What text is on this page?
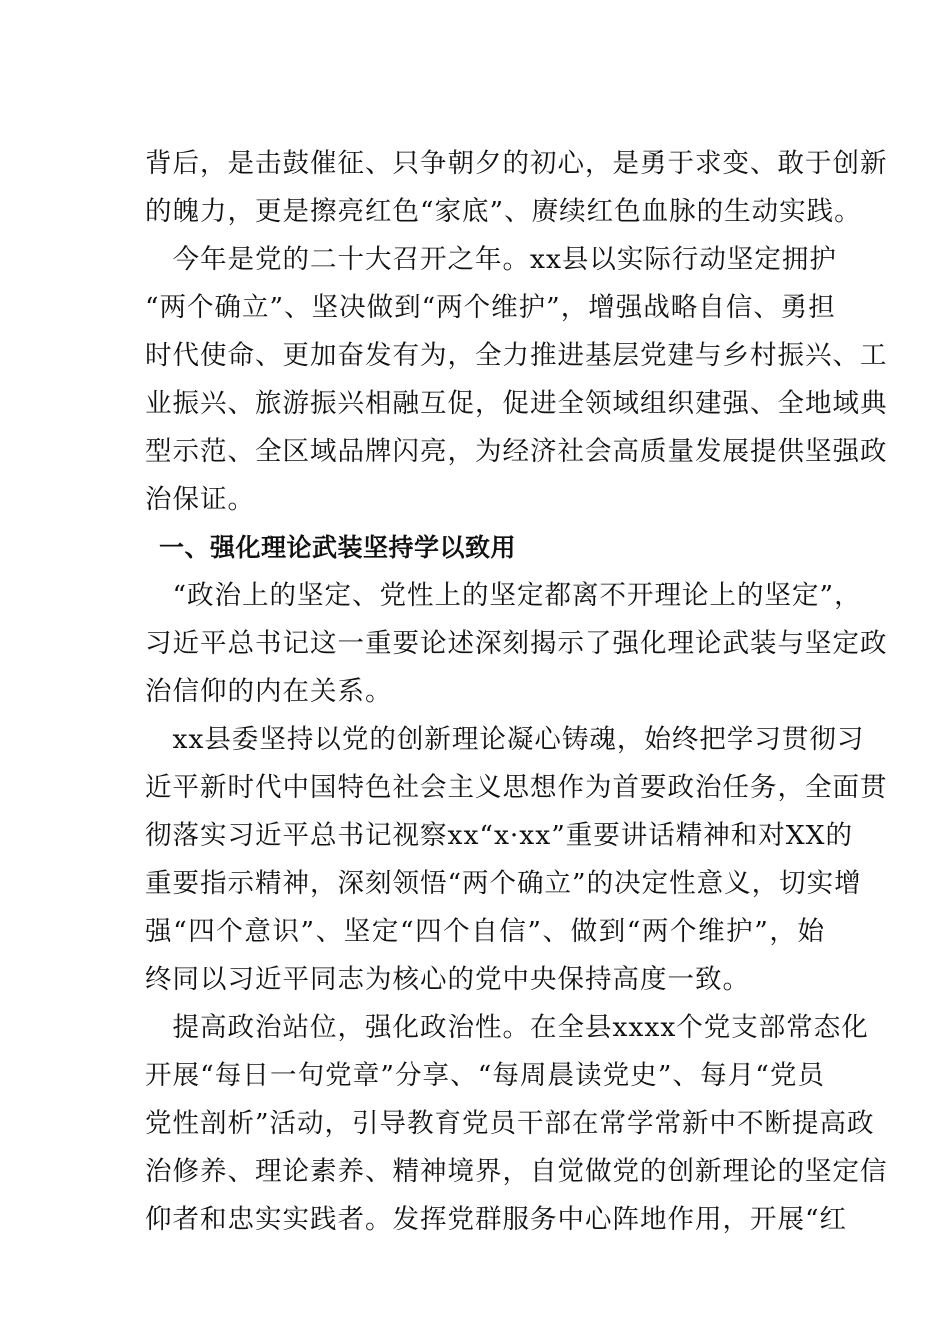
背后，是击鼓催征、只争朝夕的初心，是勇于求变、敢于创新
的魄力，更是擦亮红色“家底”、赓续红色血脉的生动实践。
　今年是党的二十大召开之年。xx县以实际行动坚定拥护
“两个确立”、坚决做到“两个维护”，增强战略自信、勇担
时代使命、更加奋发有为，全力推进基层党建与乡村振兴、工
业振兴、旅游振兴相融互促，促进全领域组织建强、全地域典
型示范、全区域品牌闪亮，为经济社会高质量发展提供坚强政
治保证。
一、强化理论武装坚持学以致用
　“政治上的坚定、党性上的坚定都离不开理论上的坚定”，
习近平总书记这一重要论述深刻揭示了强化理论武装与坚定政
治信仰的内在关系。
　xx县委坚持以党的创新理论凝心铸魂，始终把学习贯彻习
近平新时代中国特色社会主义思想作为首要政治任务，全面贯
彻落实习近平总书记视察xx“x·xx”重要讲话精神和对XX的
重要指示精神，深刻领悟“两个确立”的决定性意义，切实增
强“四个意识”、坚定“四个自信”、做到“两个维护”，始
终同以习近平同志为核心的党中央保持高度一致。
　提高政治站位，强化政治性。在全县xxxx个党支部常态化
开展“每日一句党章”分享、“每周晨读党史”、每月“党员
党性剖析”活动，引导教育党员干部在常学常新中不断提高政
治修养、理论素养、精神境界，自觉做党的创新理论的坚定信
仰者和忠实实践者。发挥党群服务中心阵地作用，开展“红
